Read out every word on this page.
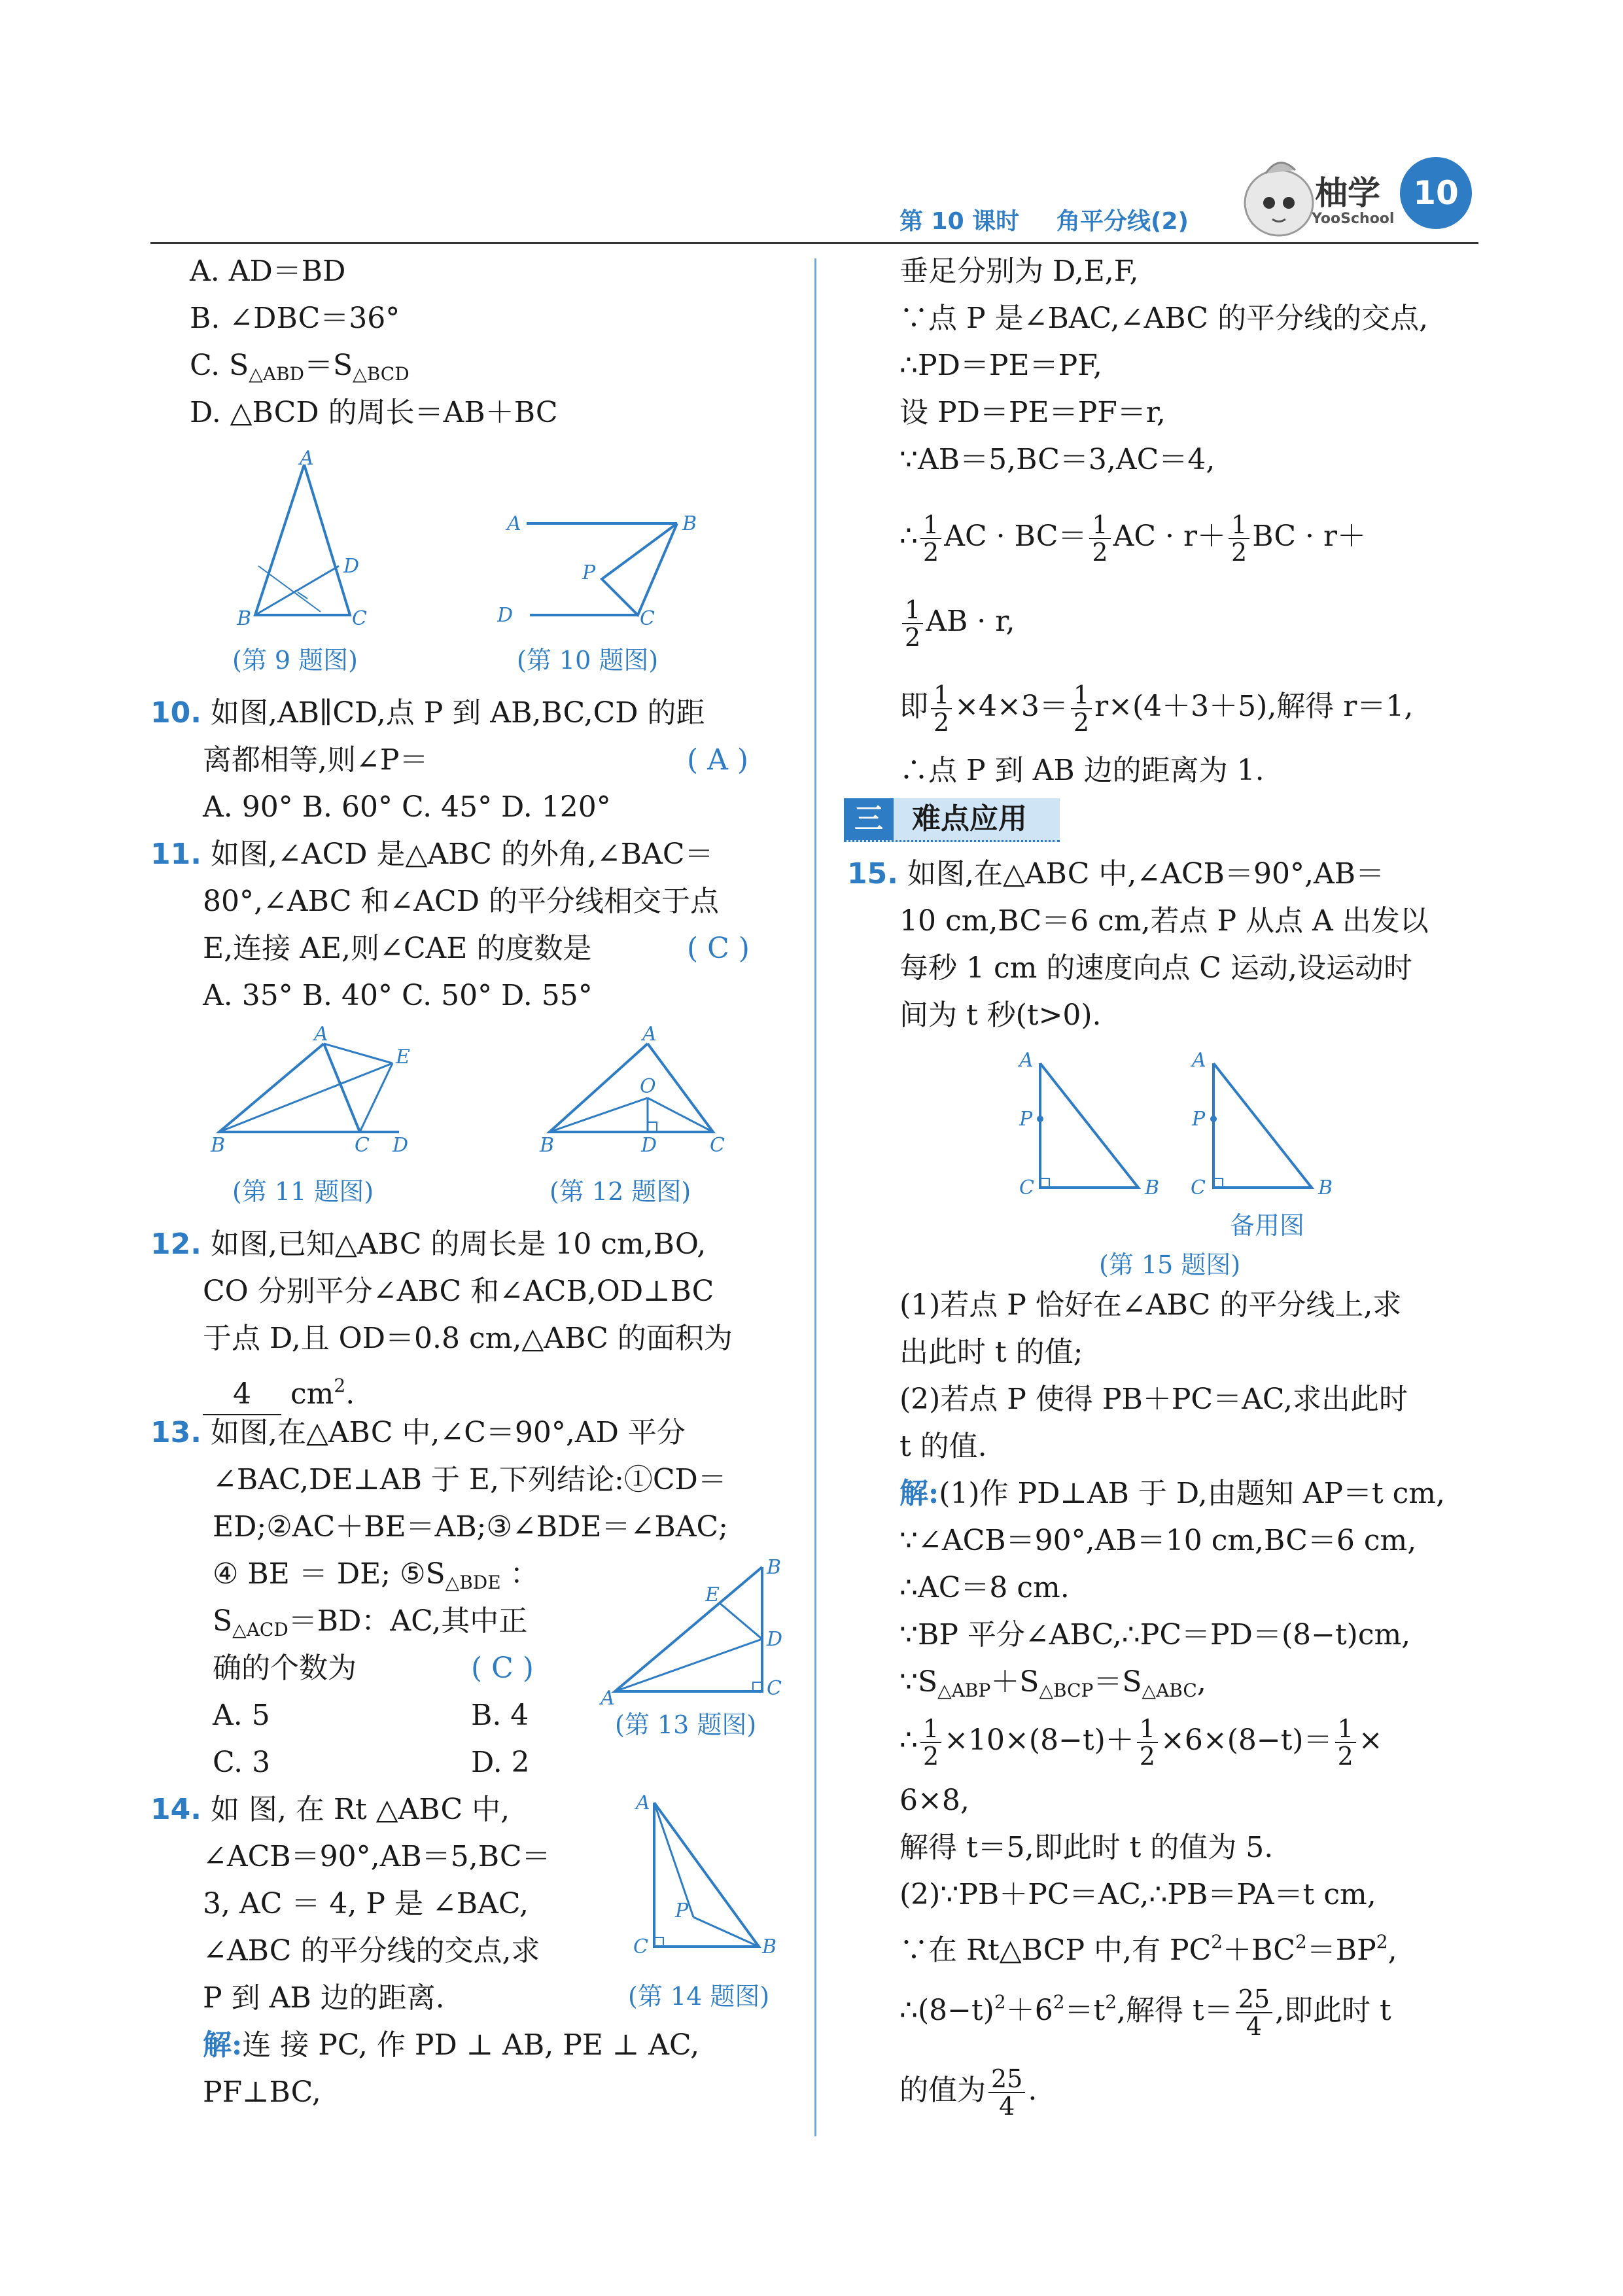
第 10 课时 角平分线(2)
柚学
YooSchool
10
A. AD＝BD
B. ∠DBC＝36°
C. $S_{\triangle ABD}=S_{\triangle BCD}$
D. △BCD 的周长＝AB＋BC
A
D
B	C
(第 9 题图)
A	B
P
D	C
(第 10 题图)
10. 如图,AB∥CD,点 P 到 AB,BC,CD 的距
离都相等,则∠P＝	( A )
A. 90° B. 60° C. 45° D. 120°
11. 如图,∠ACD 是△ABC 的外角,∠BAC＝
80°,∠ABC 和∠ACD 的平分线相交于点
E,连接 AE,则∠CAE 的度数是	( C )
A. 35° B. 40° C. 50° D. 55°
A
E
B	C D
(第 11 题图)
A
O
B	D	C
(第 12 题图)
12. 如图,已知△ABC 的周长是 10 cm,BO,
CO 分别平分∠ABC 和∠ACB,OD⊥BC
于点 D,且 OD＝0.8 cm,△ABC 的面积为
4 $cm^2$.
13. 如图,在△ABC 中,∠C＝90°,AD 平分
∠BAC,DE⊥AB 于 E,下列结论:①CD＝
ED;②AC＋BE＝AB;③∠BDE＝∠BAC;
④ BE ＝ DE; $⑤S_{\triangle BDE}$ ：
$S_{\triangle ACD}=BD$：AC,其中正
确的个数为	( C )
A. 5	B. 4
C. 3	D. 2
B
E
D
C
A
(第 13 题图)
14. 如 图, 在 Rt △ABC 中,
∠ACB＝90°,AB＝5,BC＝
3, AC ＝ 4, P 是 ∠BAC,
∠ABC 的平分线的交点,求
P 到 AB 边的距离.
A
P
C	B
(第 14 题图)
解:连 接 PC, 作 PD ⊥ AB, PE ⊥ AC,
PF⊥BC,
垂足分别为 D,E,F,
∵点 P 是∠BAC,∠ABC 的平分线的交点,
∴PD＝PE＝PF,
设 PD＝PE＝PF＝r,
∵AB＝5,BC＝3,AC＝4,
∴ $\frac{1}{2}$ AC · $BC= \frac{1}{2}$ AC · $r+ \frac{1}{2}$ BC · r＋
$\frac{1}{2}$ AB · r,
即 $\frac{1}{2} \times 4\times 3= \frac{1}{2} r\times(4+3+5)$,解得 r＝1,
∴点 P 到 AB 边的距离为 1.
三	难点应用
15. 如图,在△ABC 中,∠ACB＝90°,AB＝
10 cm,BC＝6 cm,若点 P 从点 A 出发以
每秒 1 cm 的速度向点 C 运动,设运动时
间为 t 秒(t>0).
A
P
C	B
A
P
C	B
备用图
(第 15 题图)
(1)若点 P 恰好在∠ABC 的平分线上,求
出此时 t 的值;
(2)若点 P 使得 PB＋PC＝AC,求出此时
t 的值.
解:(1)作 PD⊥AB 于 D,由题知 AP＝t cm,
∵∠ACB＝90°,AB＝10 cm,BC＝6 cm,
∴AC＝8 cm.
∵BP 平分∠ABC,∴PC＝PD＝(8−t)cm,
$\because S_{\triangle ABP}+S_{\triangle BCP}=S_{\triangle ABC}$,
∴ $\frac{1}{2} \times 10\times(8-t)+ \frac{1}{2} \times 6\times(8-t)= \frac{1}{2}$ ×
6×8,
解得 t＝5,即此时 t 的值为 5.
(2)∵PB＋PC＝AC,∴PB＝PA＝t cm,
∵在 Rt△BCP 中,有 $PC^2+BC^2=BP^2$,
$\therefore(8-t)^2+6^2=t^2$,解得 $t= \frac{25}{4}$ ,即此时 t
的值为 $\frac{25}{4}$ .
